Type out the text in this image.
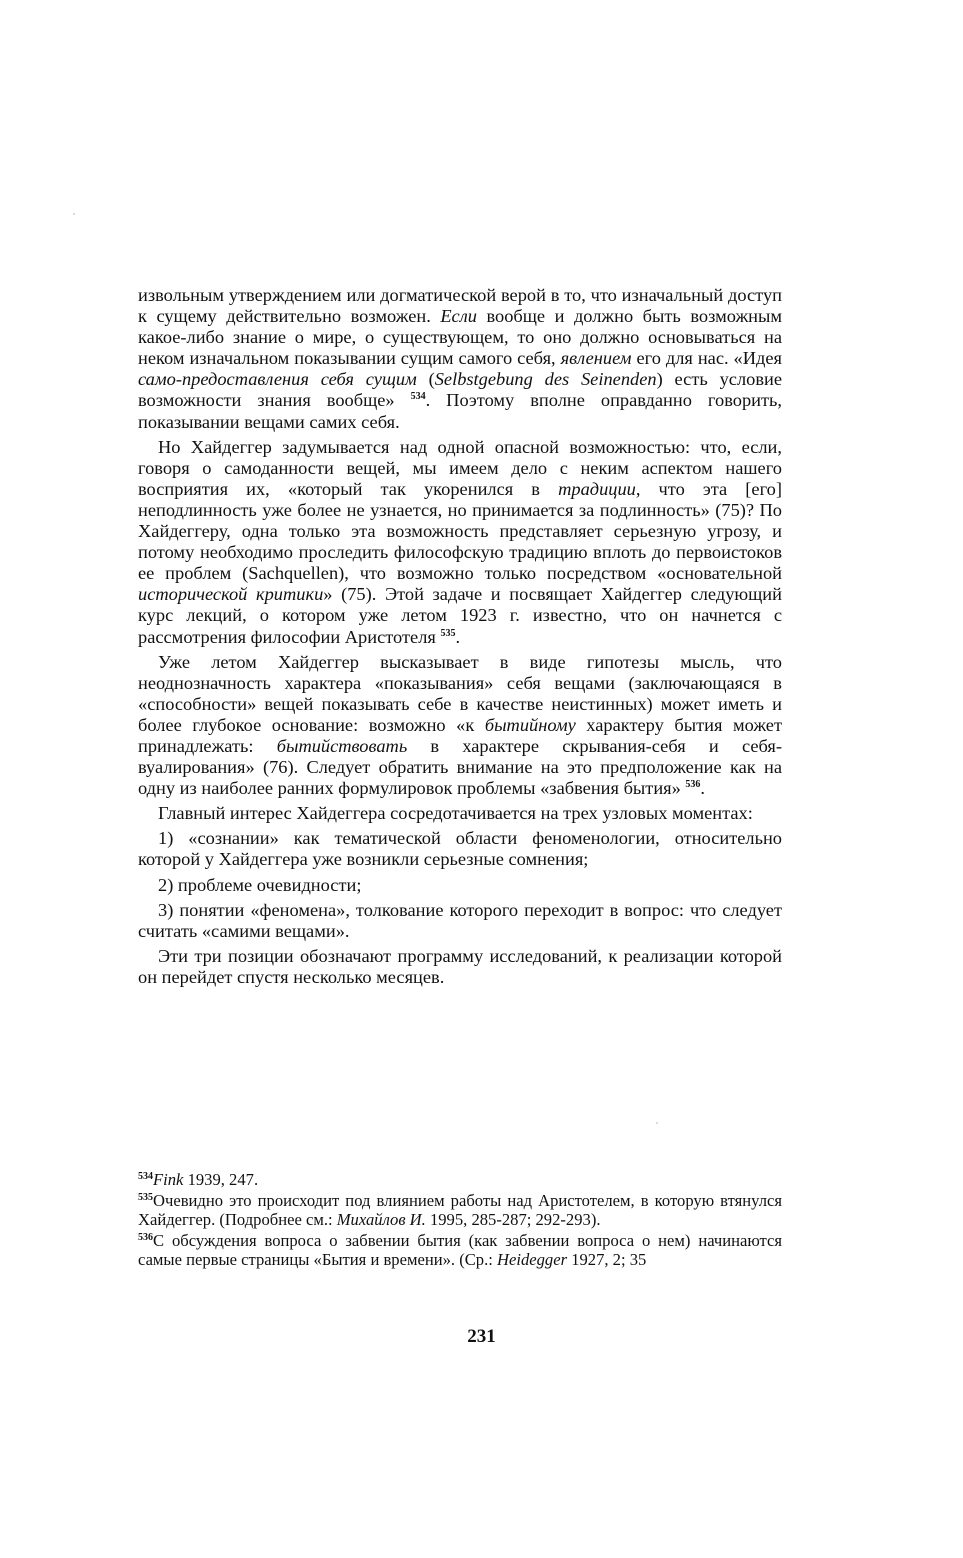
извольным утверждением или догматической верой в то, что изначальный доступ к сущему действительно возможен. Если вообще и должно быть возможным какое-либо знание о мире, о существующем, то оно должно основываться на неком изначальном показывании сущим самого себя, явлением его для нас. «Идея само-предоставления себя сущим (Selbstgebung des Seinenden) есть условие возможности знания вообще» $^{534}$. Поэтому вполне оправданно говорить, показывании вещами самих себя.

Но Хайдеггер задумывается над одной опасной возможностью: что, если, говоря о самоданности вещей, мы имеем дело с неким аспектом нашего восприятия их, «который так укоренился в традиции, что эта [его] неподлинность уже более не узнается, но принимается за подлинность» (75)? По Хайдеггеру, одна только эта возможность представляет серьезную угрозу, и потому необходимо проследить философскую традицию вплоть до первоистоков ее проблем (Sachquellen), что возможно только посредством «основательной исторической критики» (75). Этой задаче и посвящает Хайдеггер следующий курс лекций, о котором уже летом 1923 г. известно, что он начнется с рассмотрения философии Аристотеля $^{535}$.

Уже летом Хайдеггер высказывает в виде гипотезы мысль, что неоднозначность характера «показывания» себя вещами (заключающаяся в «способности» вещей показывать себе в качестве неистинных) может иметь и более глубокое основание: возможно «к бытийному характеру бытия может принадлежать: бытийствовать в характере скрывания-себя и себя-вуалирования» (76). Следует обратить внимание на это предположение как на одну из наиболее ранних формулировок проблемы «забвения бытия» $^{536}$.

Главный интерес Хайдеггера сосредотачивается на трех узловых моментах:

1) «сознании» как тематической области феноменологии, относительно которой у Хайдеггера уже возникли серьезные сомнения;

2) проблеме очевидности;

3) понятии «феномена», толкование которого переходит в вопрос: что следует считать «самими вещами».

Эти три позиции обозначают программу исследований, к реализации которой он перейдет спустя несколько месяцев.

$^{534}$Fink 1939, 247.

$^{535}$Очевидно это происходит под влиянием работы над Аристотелем, в которую втянулся Хайдеггер. (Подробнее см.: Михайлов И. 1995, 285-287; 292-293).

$^{536}$С обсуждения вопроса о забвении бытия (как забвении вопроса о нем) начинаются самые первые страницы «Бытия и времени». (Ср.: Heidegger 1927, 2; 35

231
